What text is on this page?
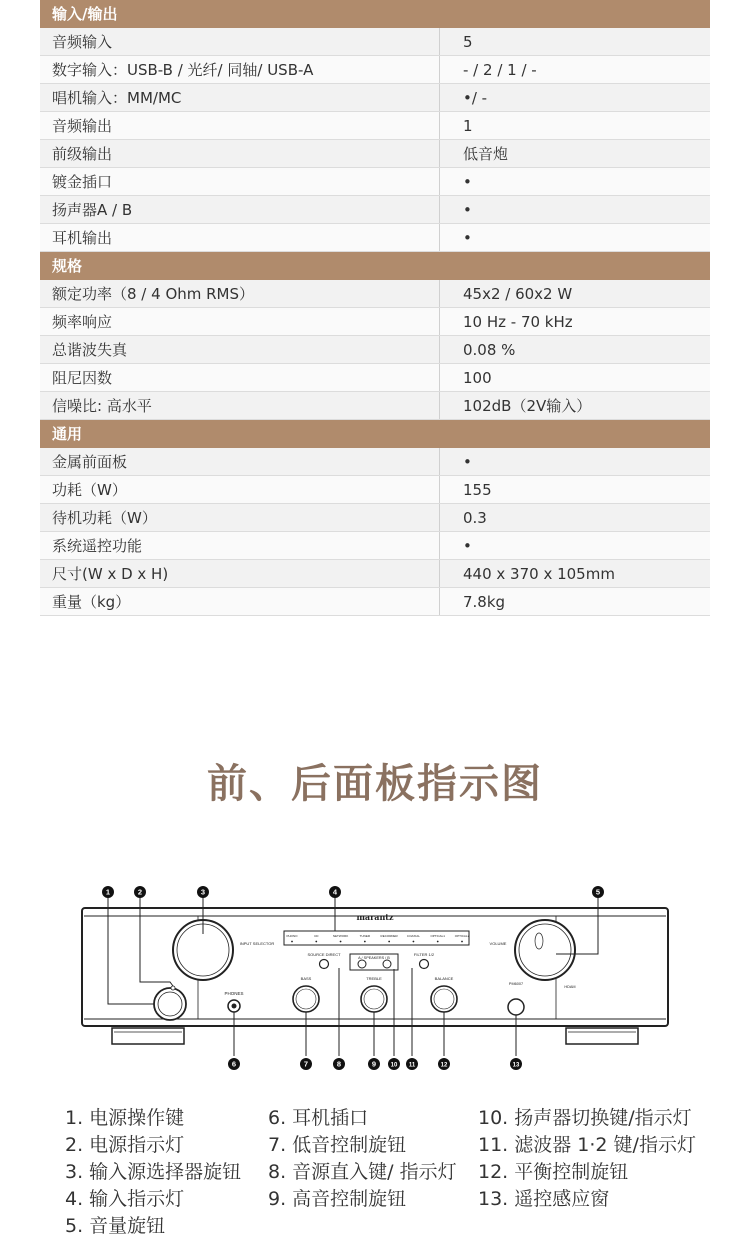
输入/输出
音频输入	5
数字输入：USB-B / 光纤/ 同轴/ USB-A	- / 2 / 1 / -
唱机输入：MM/MC	•/ -
音频输出	1
前级输出	低音炮
镀金插口	•
扬声器A / B	•
耳机输出	•
规格
额定功率（8 / 4 Ohm RMS）	45x2 / 60x2 W
频率响应	10 Hz - 70 kHz
总谐波失真	0.08 %
阻尼因数	100
信噪比: 高水平	102dB（2V输入）
通用
金属前面板	•
功耗（W）	155
待机功耗（W）	0.3
系统遥控功能	•
尺寸(W x D x H)	440 x 370 x 105mm
重量（kg）	7.8kg
前、后面板指示图
PHONES
INPUT SELECTOR
marantz
PHONO	CD	NETWORK	TUNER	RECORDER	COAXIAL	OPTICAL1	OPTICAL2
SOURCE DIRECT
A / SPEAKERS / B
FILTER 1/2
BASS	TREBLE	BALANCE
VOLUME
PM6007
HDAM
1	2	3	4	5
6	7	8	9 10 11	12	13
1. 电源操作键
2. 电源指示灯
3. 输入源选择器旋钮
4. 输入指示灯
5. 音量旋钮
6. 耳机插口
7. 低音控制旋钮
8. 音源直入键/ 指示灯
9. 高音控制旋钮
10. 扬声器切换键/指示灯
11. 滤波器 1·2 键/指示灯
12. 平衡控制旋钮
13. 遥控感应窗
